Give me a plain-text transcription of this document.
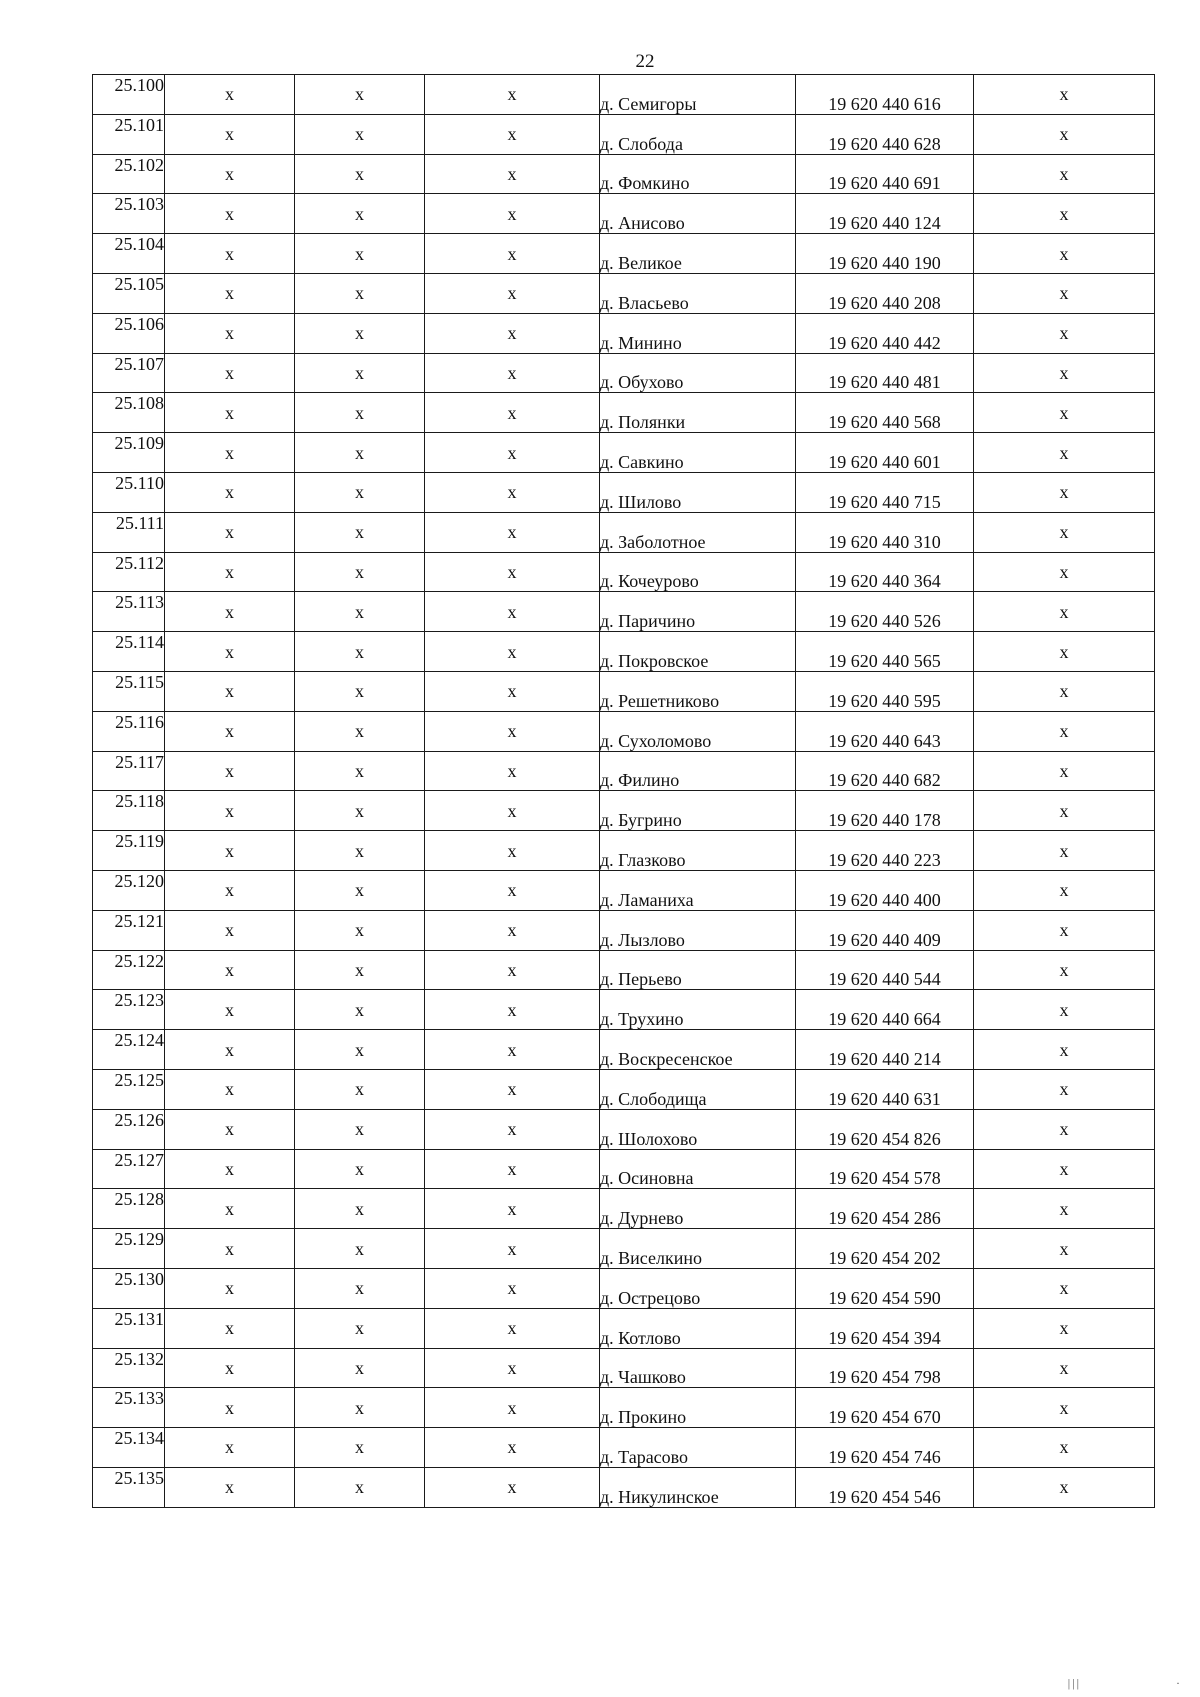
22
25.100	х	х	х	д. Семигоры	19 620 440 616	х
25.101	х	х	х	д. Слобода	19 620 440 628	х
25.102	х	х	х	д. Фомкино	19 620 440 691	х
25.103	х	х	х	д. Анисово	19 620 440 124	х
25.104	х	х	х	д. Великое	19 620 440 190	х
25.105	х	х	х	д. Власьево	19 620 440 208	х
25.106	х	х	х	д. Минино	19 620 440 442	х
25.107	х	х	х	д. Обухово	19 620 440 481	х
25.108	х	х	х	д. Полянки	19 620 440 568	х
25.109	х	х	х	д. Савкино	19 620 440 601	х
25.110	х	х	х	д. Шилово	19 620 440 715	х
25.111	х	х	х	д. Заболотное	19 620 440 310	х
25.112	х	х	х	д. Кочеурово	19 620 440 364	х
25.113	х	х	х	д. Паричино	19 620 440 526	х
25.114	х	х	х	д. Покровское	19 620 440 565	х
25.115	х	х	х	д. Решетниково	19 620 440 595	х
25.116	х	х	х	д. Сухоломово	19 620 440 643	х
25.117	х	х	х	д. Филино	19 620 440 682	х
25.118	х	х	х	д. Бугрино	19 620 440 178	х
25.119	х	х	х	д. Глазково	19 620 440 223	х
25.120	х	х	х	д. Ламаниха	19 620 440 400	х
25.121	х	х	х	д. Лызлово	19 620 440 409	х
25.122	х	х	х	д. Перьево	19 620 440 544	х
25.123	х	х	х	д. Трухино	19 620 440 664	х
25.124	х	х	х	д. Воскресенское	19 620 440 214	х
25.125	х	х	х	д. Слободища	19 620 440 631	х
25.126	х	х	х	д. Шолохово	19 620 454 826	х
25.127	х	х	х	д. Осиновна	19 620 454 578	х
25.128	х	х	х	д. Дурнево	19 620 454 286	х
25.129	х	х	х	д. Виселкино	19 620 454 202	х
25.130	х	х	х	д. Острецово	19 620 454 590	х
25.131	х	х	х	д. Котлово	19 620 454 394	х
25.132	х	х	х	д. Чашково	19 620 454 798	х
25.133	х	х	х	д. Прокино	19 620 454 670	х
25.134	х	х	х	д. Тарасово	19 620 454 746	х
25.135	х	х	х	д. Никулинское	19 620 454 546	х
|||                   ·
